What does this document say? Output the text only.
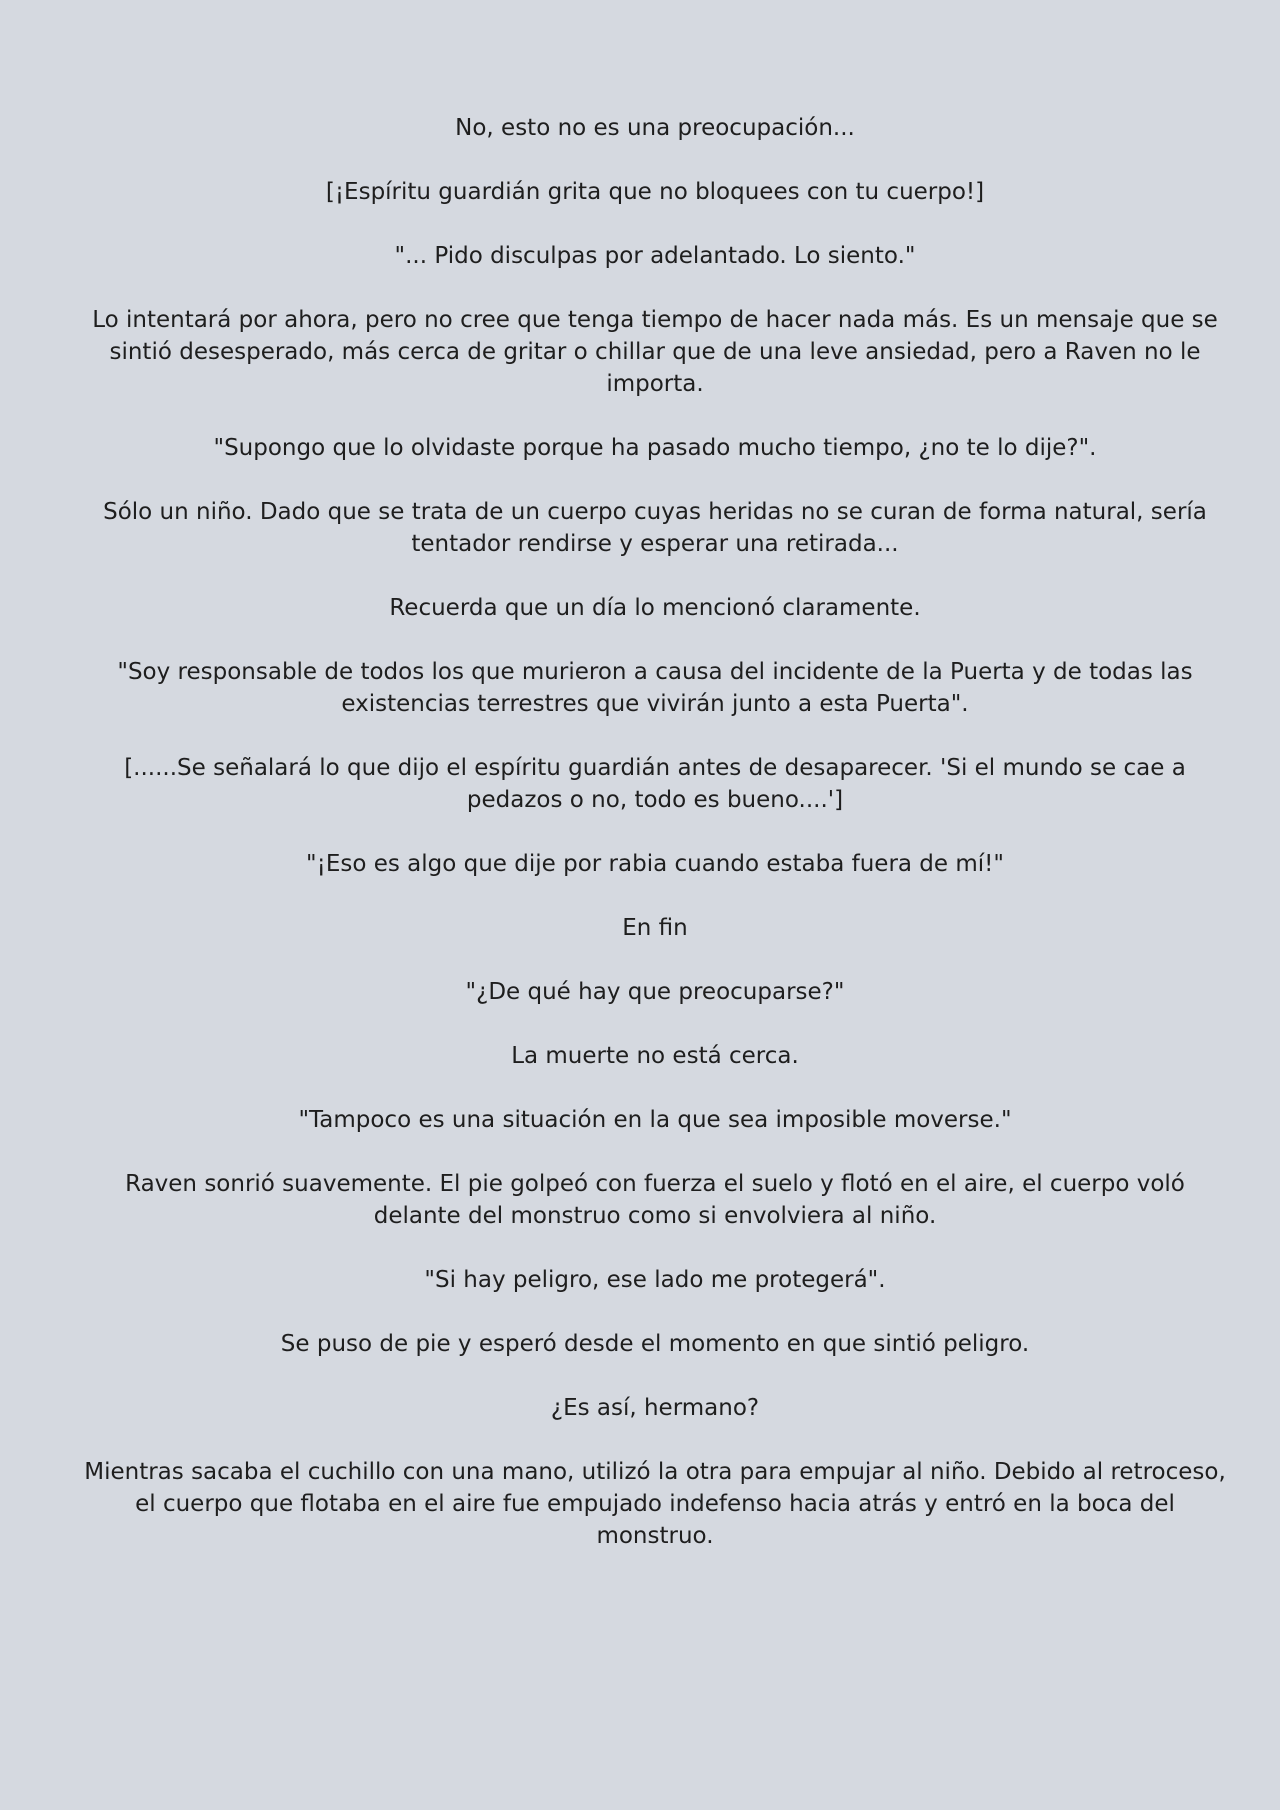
No, esto no es una preocupación...

[¡Espíritu guardián grita que no bloquees con tu cuerpo!]

"... Pido disculpas por adelantado. Lo siento."

Lo intentará por ahora, pero no cree que tenga tiempo de hacer nada más. Es un mensaje que se sintió desesperado, más cerca de gritar o chillar que de una leve ansiedad, pero a Raven no le importa.

"Supongo que lo olvidaste porque ha pasado mucho tiempo, ¿no te lo dije?".

Sólo un niño. Dado que se trata de un cuerpo cuyas heridas no se curan de forma natural, sería tentador rendirse y esperar una retirada...

Recuerda que un día lo mencionó claramente.

"Soy responsable de todos los que murieron a causa del incidente de la Puerta y de todas las existencias terrestres que vivirán junto a esta Puerta".

[......Se señalará lo que dijo el espíritu guardián antes de desaparecer. 'Si el mundo se cae a pedazos o no, todo es bueno....']

"¡Eso es algo que dije por rabia cuando estaba fuera de mí!"

En fin

"¿De qué hay que preocuparse?"

La muerte no está cerca.

"Tampoco es una situación en la que sea imposible moverse."

Raven sonrió suavemente. El pie golpeó con fuerza el suelo y flotó en el aire, el cuerpo voló delante del monstruo como si envolviera al niño.

"Si hay peligro, ese lado me protegerá".

Se puso de pie y esperó desde el momento en que sintió peligro.

¿Es así, hermano?

Mientras sacaba el cuchillo con una mano, utilizó la otra para empujar al niño. Debido al retroceso, el cuerpo que flotaba en el aire fue empujado indefenso hacia atrás y entró en la boca del monstruo.
